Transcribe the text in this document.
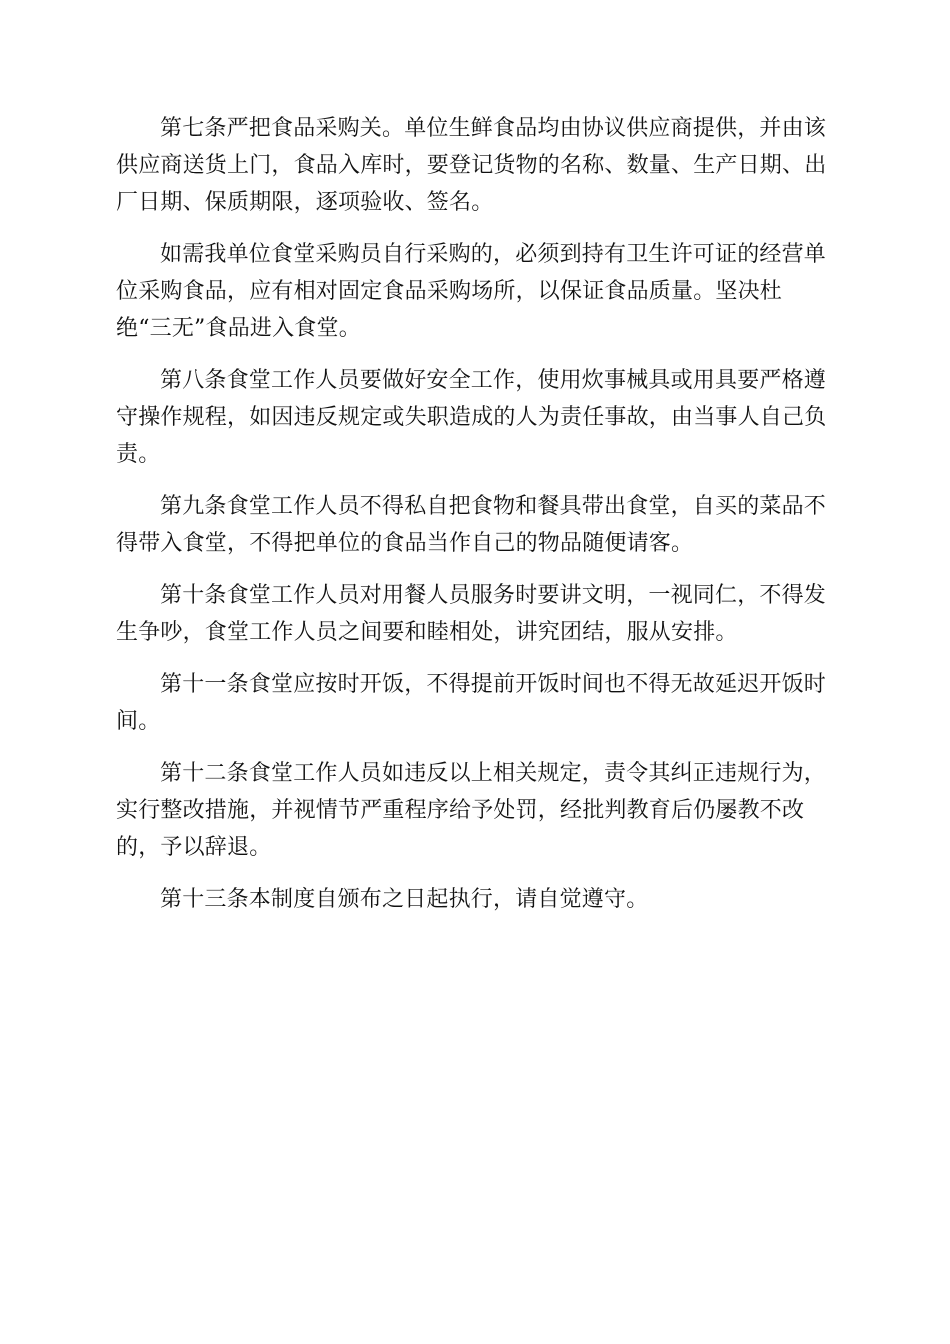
第七条严把食品采购关。单位生鲜食品均由协议供应商提供，并由该
供应商送货上门，食品入库时，要登记货物的名称、数量、生产日期、出
厂日期、保质期限，逐项验收、签名。

如需我单位食堂采购员自行采购的，必须到持有卫生许可证的经营单
位采购食品，应有相对固定食品采购场所，以保证食品质量。坚决杜
绝“三无”食品进入食堂。

第八条食堂工作人员要做好安全工作，使用炊事械具或用具要严格遵
守操作规程，如因违反规定或失职造成的人为责任事故，由当事人自己负
责。

第九条食堂工作人员不得私自把食物和餐具带出食堂，自买的菜品不
得带入食堂，不得把单位的食品当作自己的物品随便请客。

第十条食堂工作人员对用餐人员服务时要讲文明，一视同仁，不得发
生争吵，食堂工作人员之间要和睦相处，讲究团结，服从安排。

第十一条食堂应按时开饭，不得提前开饭时间也不得无故延迟开饭时
间。

第十二条食堂工作人员如违反以上相关规定，责令其纠正违规行为，
实行整改措施，并视情节严重程序给予处罚，经批判教育后仍屡教不改
的，予以辞退。

第十三条本制度自颁布之日起执行，请自觉遵守。
